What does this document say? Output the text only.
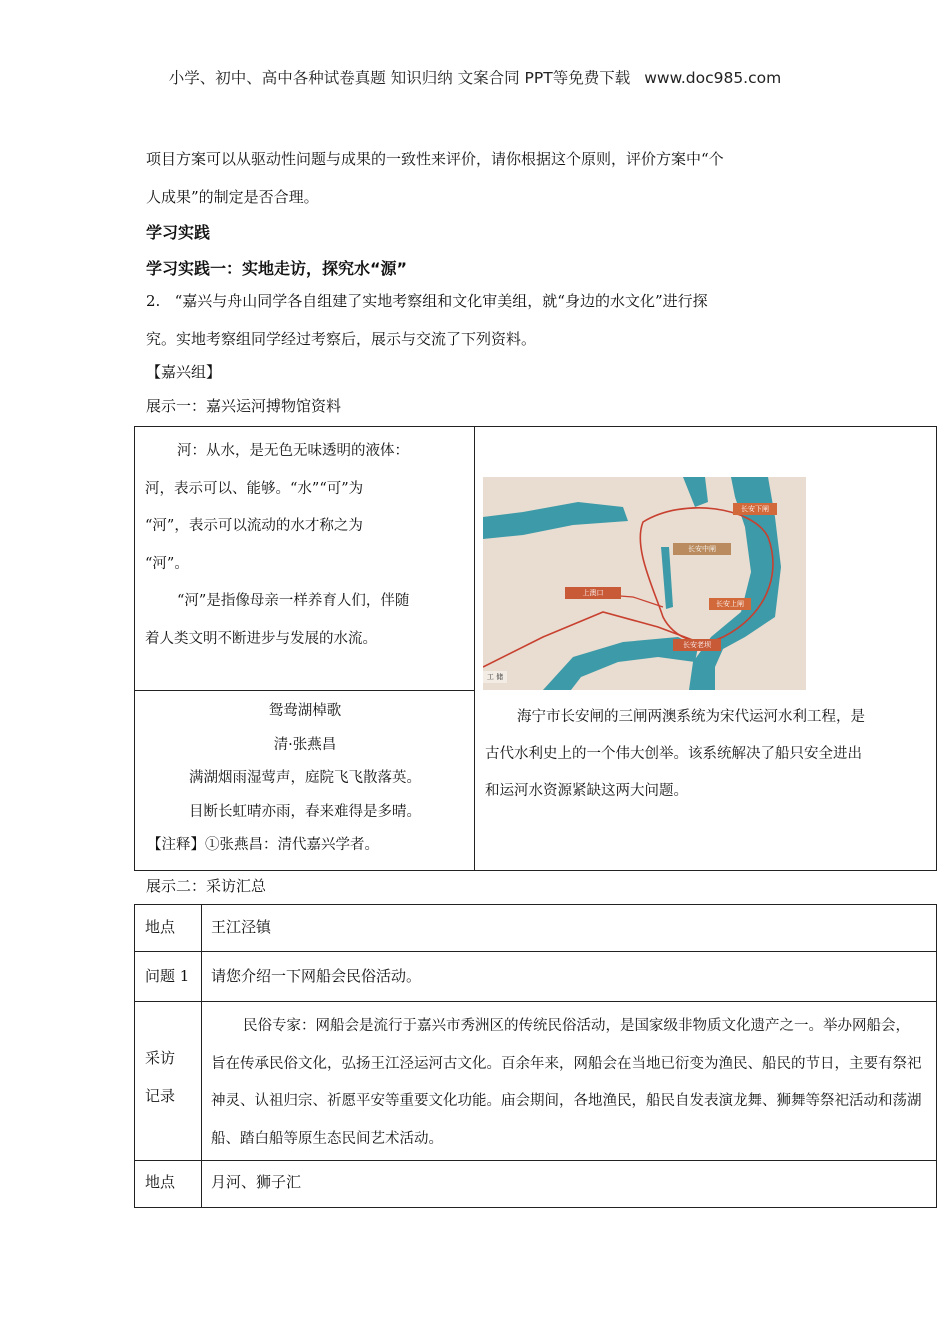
小学、初中、高中各种试卷真题 知识归纳 文案合同 PPT等免费下载 www.doc985.com
项目方案可以从驱动性问题与成果的一致性来评价，请你根据这个原则，评价方案中“个
人成果”的制定是否合理。
学习实践
学习实践一：实地走访，探究水“源”
2. “嘉兴与舟山同学各自组建了实地考察组和文化审美组，就“身边的水文化”进行探
究。实地考察组同学经过考察后，展示与交流了下列资料。
【嘉兴组】
展示一：嘉兴运河搏物馆资料

河：从水，是无色无味透明的液体：

河，表示可以、能够。“水”“可”为

“河”，表示可以流动的水才称之为

“河”。

“河”是指像母亲一样养育人们，伴随

着人类文明不断进步与发展的水流。

鸳鸯湖棹歌
清·张燕昌
满湖烟雨湿莺声，庭院飞飞散落英。
目断长虹晴亦雨，春来难得是多晴。
【注释】①张燕昌：清代嘉兴学者。
长安下闸
长安中闸
上澳口
长安上闸
长安老坝
工 储
海宁市长安闸的三闸两澳系统为宋代运河水利工程，是
古代水利史上的一个伟大创举。该系统解决了船只安全进出
和运河水资源紧缺这两大问题。
展示二：采访汇总
地点 王江泾镇
问题 1 请您介绍一下网船会民俗活动。
采访
记录
民俗专家：网船会是流行于嘉兴市秀洲区的传统民俗活动，是国家级非物质文化遗产之一。举办网船会，旨在传承民俗文化，弘扬王江泾运河古文化。百余年来，网船会在当地已衍变为渔民、船民的节日，主要有祭祀神灵、认祖归宗、祈愿平安等重要文化功能。庙会期间，各地渔民，船民自发表演龙舞、狮舞等祭祀活动和荡湖船、踏白船等原生态民间艺术活动。
地点 月河、狮子汇
